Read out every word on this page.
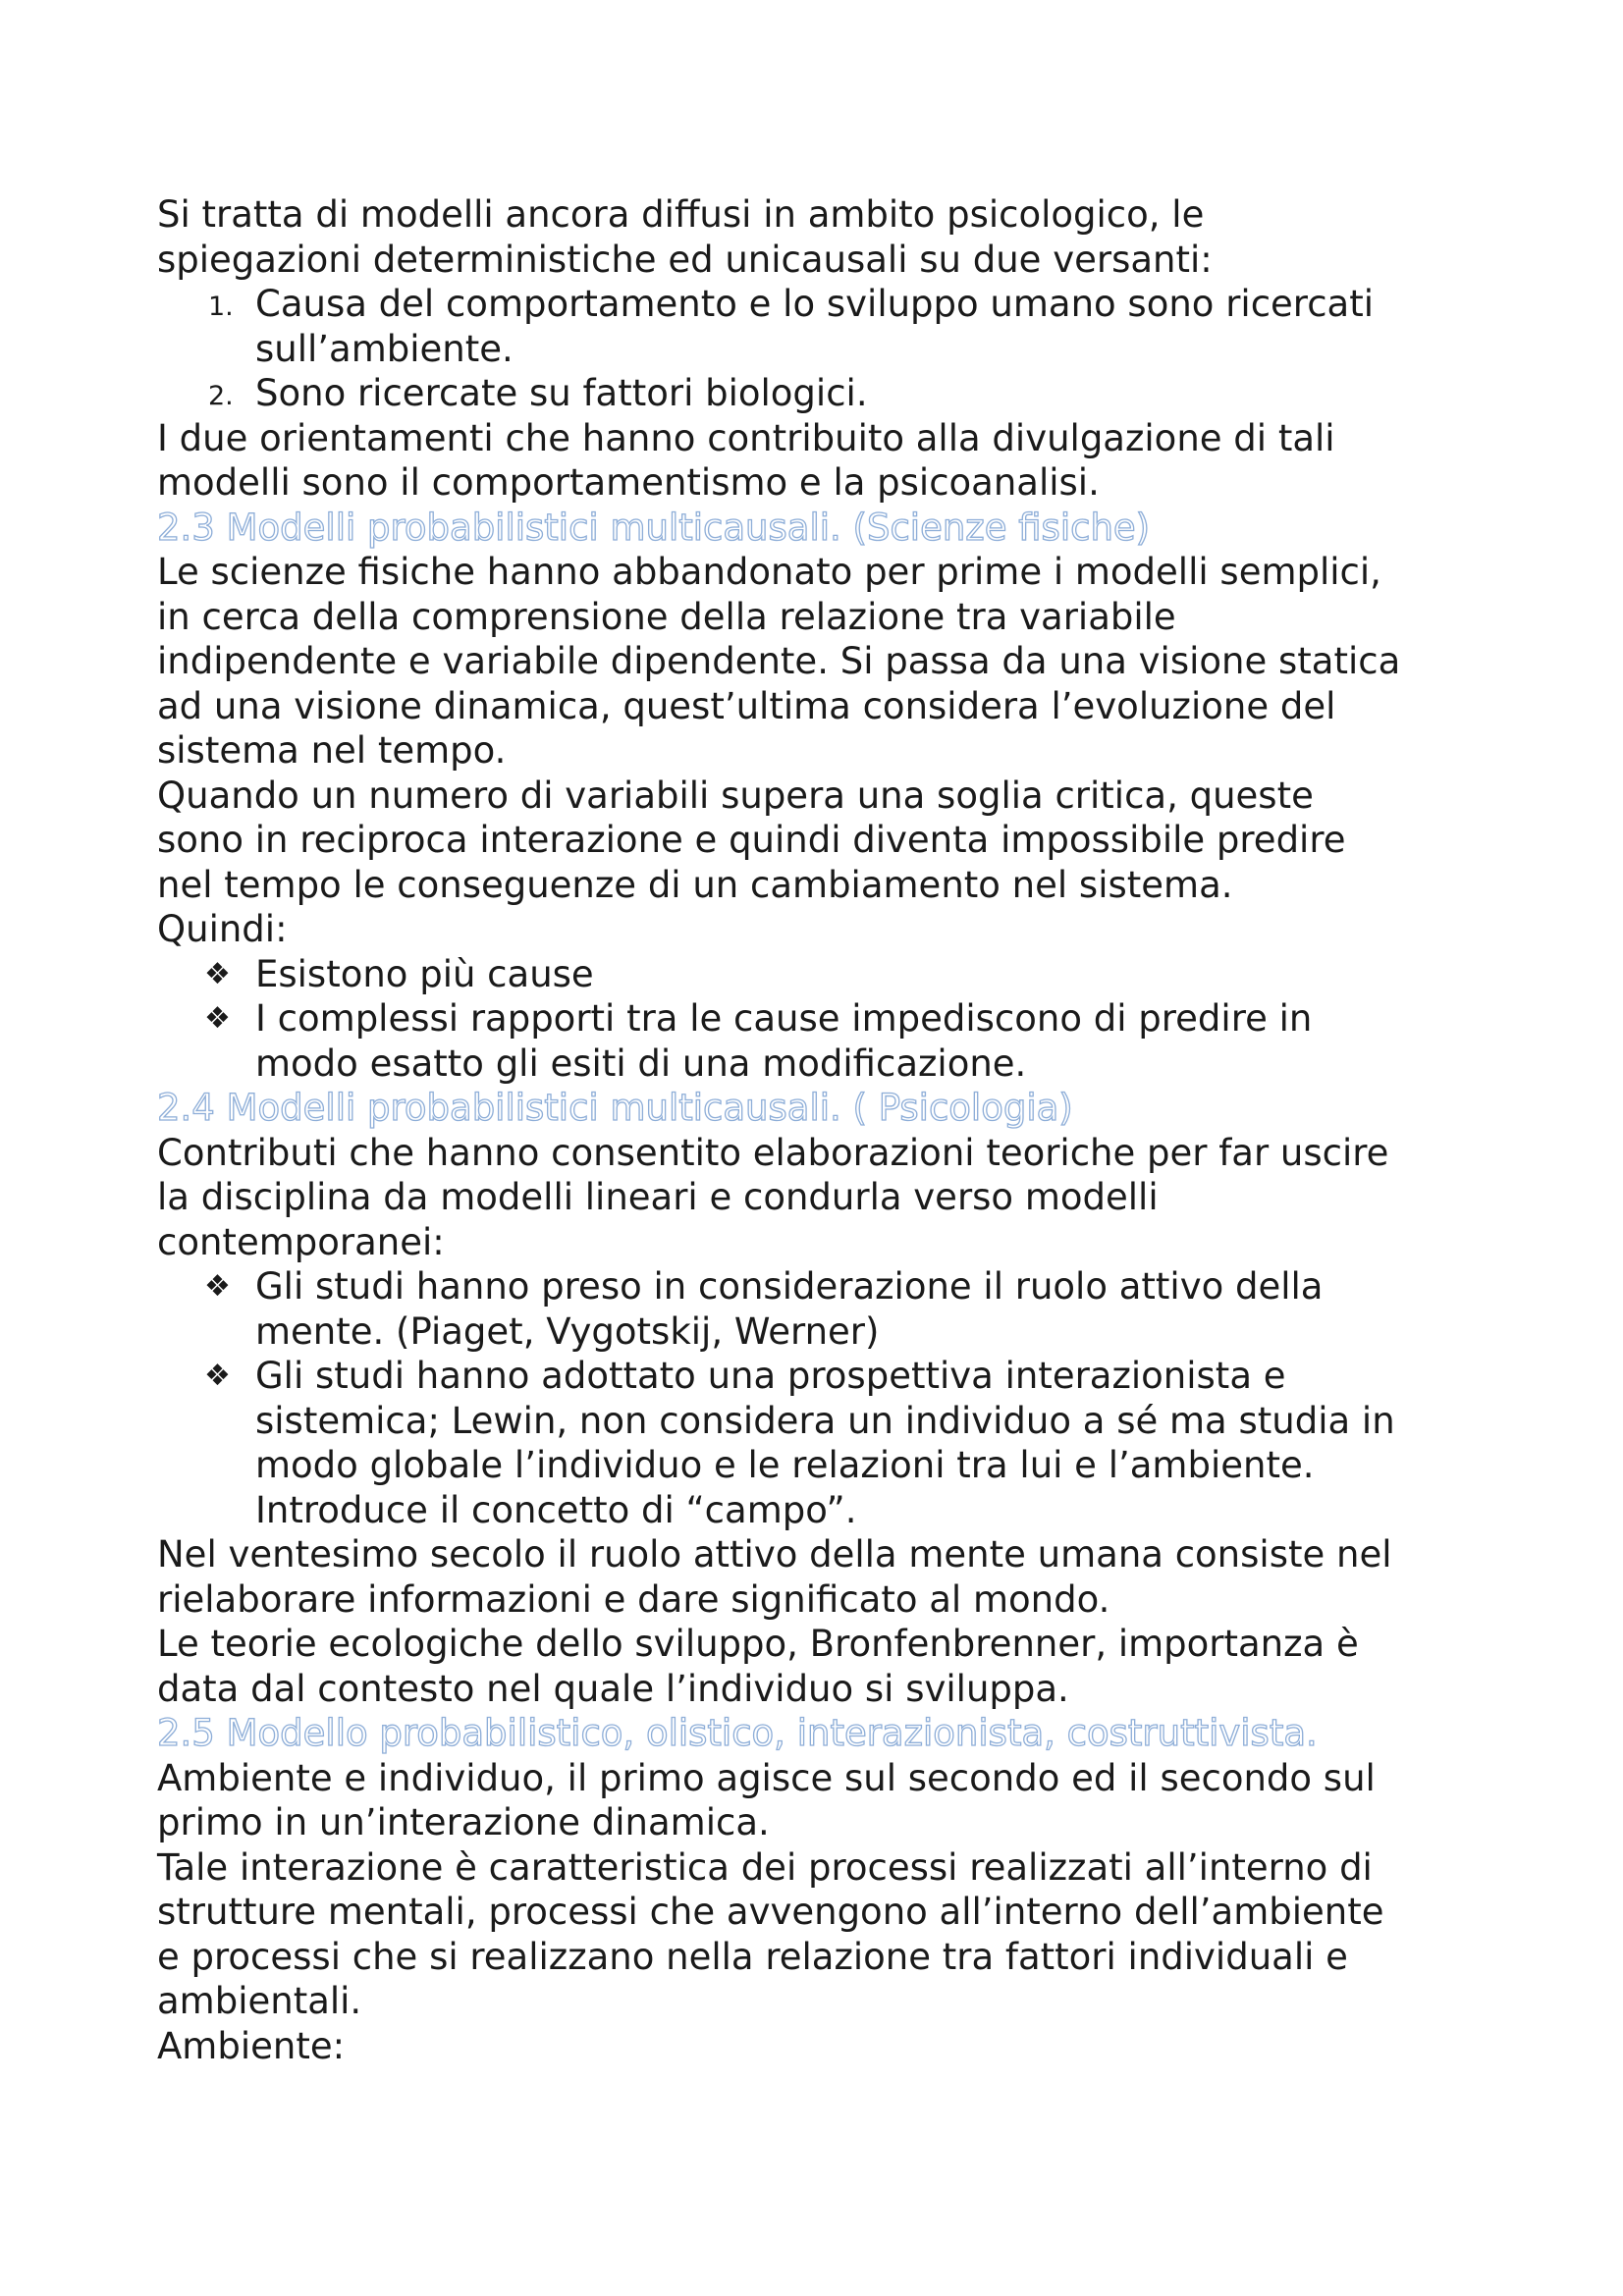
Si tratta di modelli ancora diffusi in ambito psicologico, le

spiegazioni deterministiche ed unicausali su due versanti:

1. Causa del comportamento e lo sviluppo umano sono ricercati
sull’ambiente.
2. Sono ricercate su fattori biologici.

I due orientamenti che hanno contribuito alla divulgazione di tali

modelli sono il comportamentismo e la psicoanalisi.

2.3 Modelli probabilistici multicausali. (Scienze fisiche)

Le scienze fisiche hanno abbandonato per prime i modelli semplici,

in cerca della comprensione della relazione tra variabile

indipendente e variabile dipendente. Si passa da una visione statica

ad una visione dinamica, quest’ultima considera l’evoluzione del

sistema nel tempo.

Quando un numero di variabili supera una soglia critica, queste

sono in reciproca interazione e quindi diventa impossibile predire

nel tempo le conseguenze di un cambiamento nel sistema.

Quindi:

❖ Esistono più cause
❖ I complessi rapporti tra le cause impediscono di predire in
modo esatto gli esiti di una modificazione.
2.4 Modelli probabilistici multicausali. ( Psicologia)

Contributi che hanno consentito elaborazioni teoriche per far uscire

la disciplina da modelli lineari e condurla verso modelli

contemporanei:

❖ Gli studi hanno preso in considerazione il ruolo attivo della
mente. (Piaget, Vygotskij, Werner)
❖ Gli studi hanno adottato una prospettiva interazionista e
sistemica; Lewin, non considera un individuo a sé ma studia in
modo globale l’individuo e le relazioni tra lui e l’ambiente.
Introduce il concetto di “campo”.

Nel ventesimo secolo il ruolo attivo della mente umana consiste nel

rielaborare informazioni e dare significato al mondo.

Le teorie ecologiche dello sviluppo, Bronfenbrenner, importanza è

data dal contesto nel quale l’individuo si sviluppa.

2.5 Modello probabilistico, olistico, interazionista, costruttivista.

Ambiente e individuo, il primo agisce sul secondo ed il secondo sul

primo in un’interazione dinamica.

Tale interazione è caratteristica dei processi realizzati all’interno di

strutture mentali, processi che avvengono all’interno dell’ambiente

e processi che si realizzano nella relazione tra fattori individuali e

ambientali.

Ambiente:
